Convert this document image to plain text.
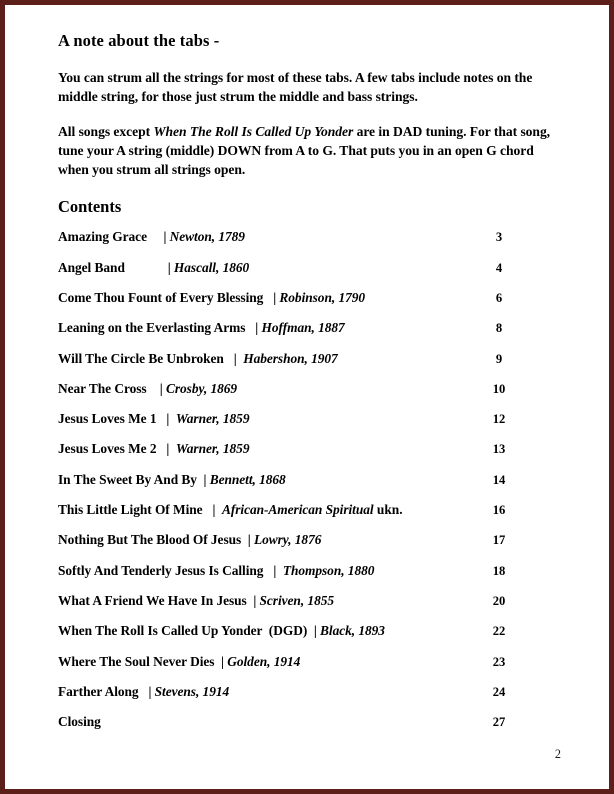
A note about the tabs -

You can strum all the strings for most of these tabs. A few tabs include notes on the middle string, for those just strum the middle and bass strings.

All songs except When The Roll Is Called Up Yonder are in DAD tuning. For that song, tune your A string (middle) DOWN from A to G. That puts you in an open G chord when you strum all strings open.

Contents
Amazing Grace     | Newton, 1789	3
Angel Band             | Hascall, 1860	4
Come Thou Fount of Every Blessing   | Robinson, 1790	6
Leaning on the Everlasting Arms   | Hoffman, 1887	8
Will The Circle Be Unbroken   | Habershon, 1907	9
Near The Cross    | Crosby, 1869	10
Jesus Loves Me 1   | Warner, 1859	12
Jesus Loves Me 2   | Warner, 1859	13
In The Sweet By And By  | Bennett, 1868	14
This Little Light Of Mine   | African-American Spiritual ukn.	16
Nothing But The Blood Of Jesus  | Lowry, 1876	17
Softly And Tenderly Jesus Is Calling   | Thompson, 1880	18
What A Friend We Have In Jesus  | Scriven, 1855	20
When The Roll Is Called Up Yonder  (DGD)  | Black, 1893	22
Where The Soul Never Dies  | Golden, 1914	23
Farther Along   | Stevens, 1914	24
Closing	27
2
